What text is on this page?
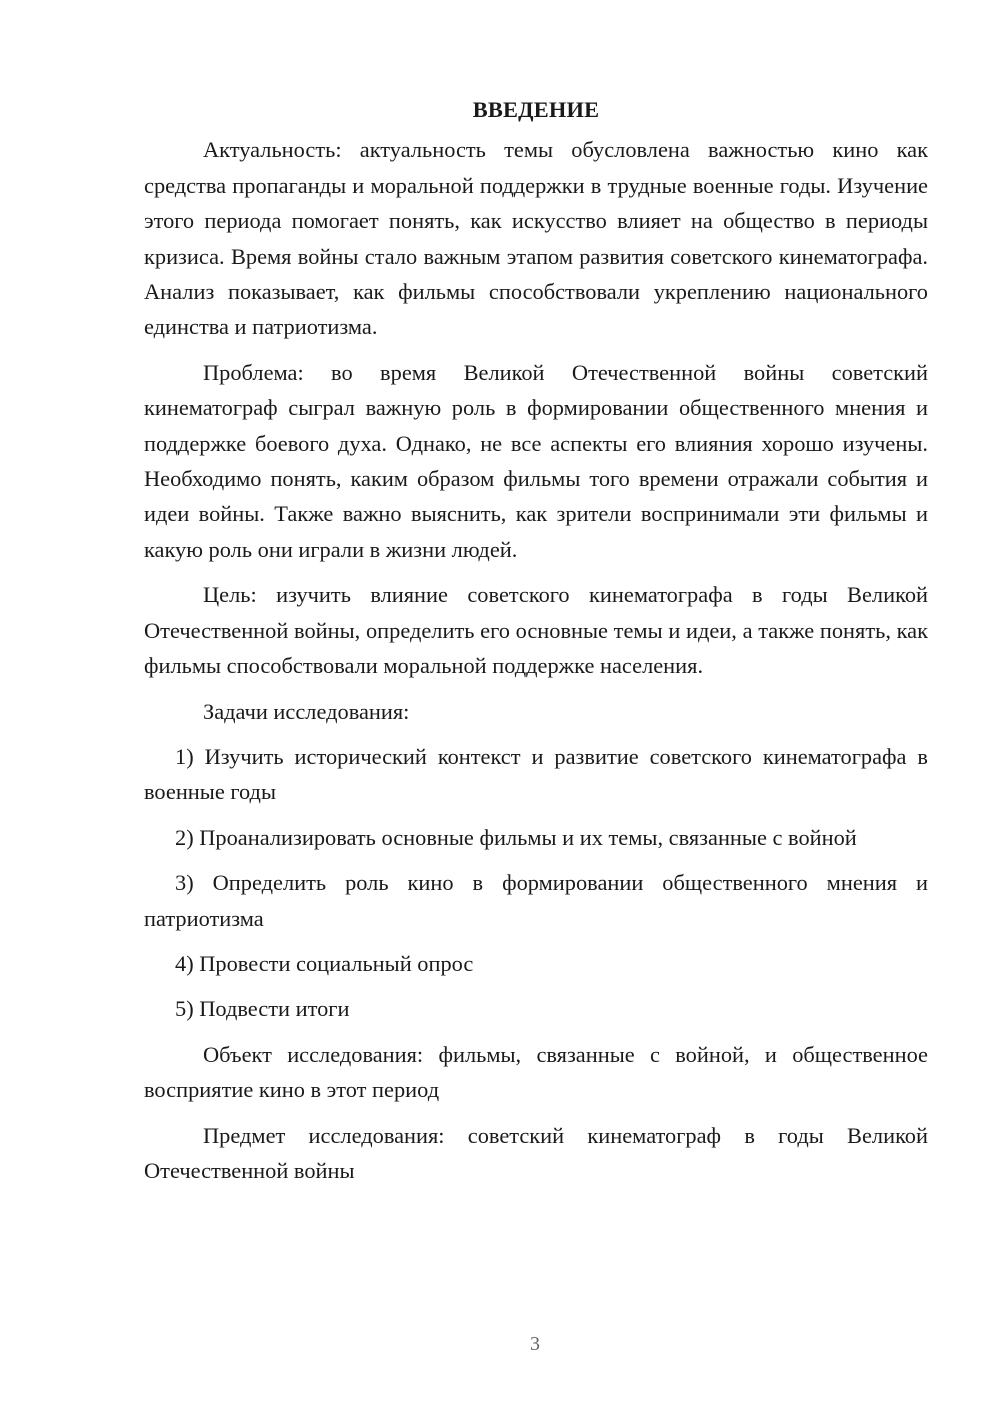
ВВЕДЕНИЕ

Актуальность: актуальность темы обусловлена важностью кино как средства пропаганды и моральной поддержки в трудные военные годы. Изучение этого периода помогает понять, как искусство влияет на общество в периоды кризиса. Время войны стало важным этапом развития советского кинематографа. Анализ показывает, как фильмы способствовали укреплению национального единства и патриотизма.

Проблема: во время Великой Отечественной войны советский кинематограф сыграл важную роль в формировании общественного мнения и поддержке боевого духа. Однако, не все аспекты его влияния хорошо изучены. Необходимо понять, каким образом фильмы того времени отражали события и идеи войны. Также важно выяснить, как зрители воспринимали эти фильмы и какую роль они играли в жизни людей.

Цель: изучить влияние советского кинематографа в годы Великой Отечественной войны, определить его основные темы и идеи, а также понять, как фильмы способствовали моральной поддержке населения.

Задачи исследования:

1) Изучить исторический контекст и развитие советского кинематографа в военные годы

2) Проанализировать основные фильмы и их темы, связанные с войной

3) Определить роль кино в формировании общественного мнения и патриотизма

4) Провести социальный опрос

5) Подвести итоги

Объект исследования: фильмы, связанные с войной, и общественное восприятие кино в этот период

Предмет исследования: советский кинематограф в годы Великой Отечественной войны

3
